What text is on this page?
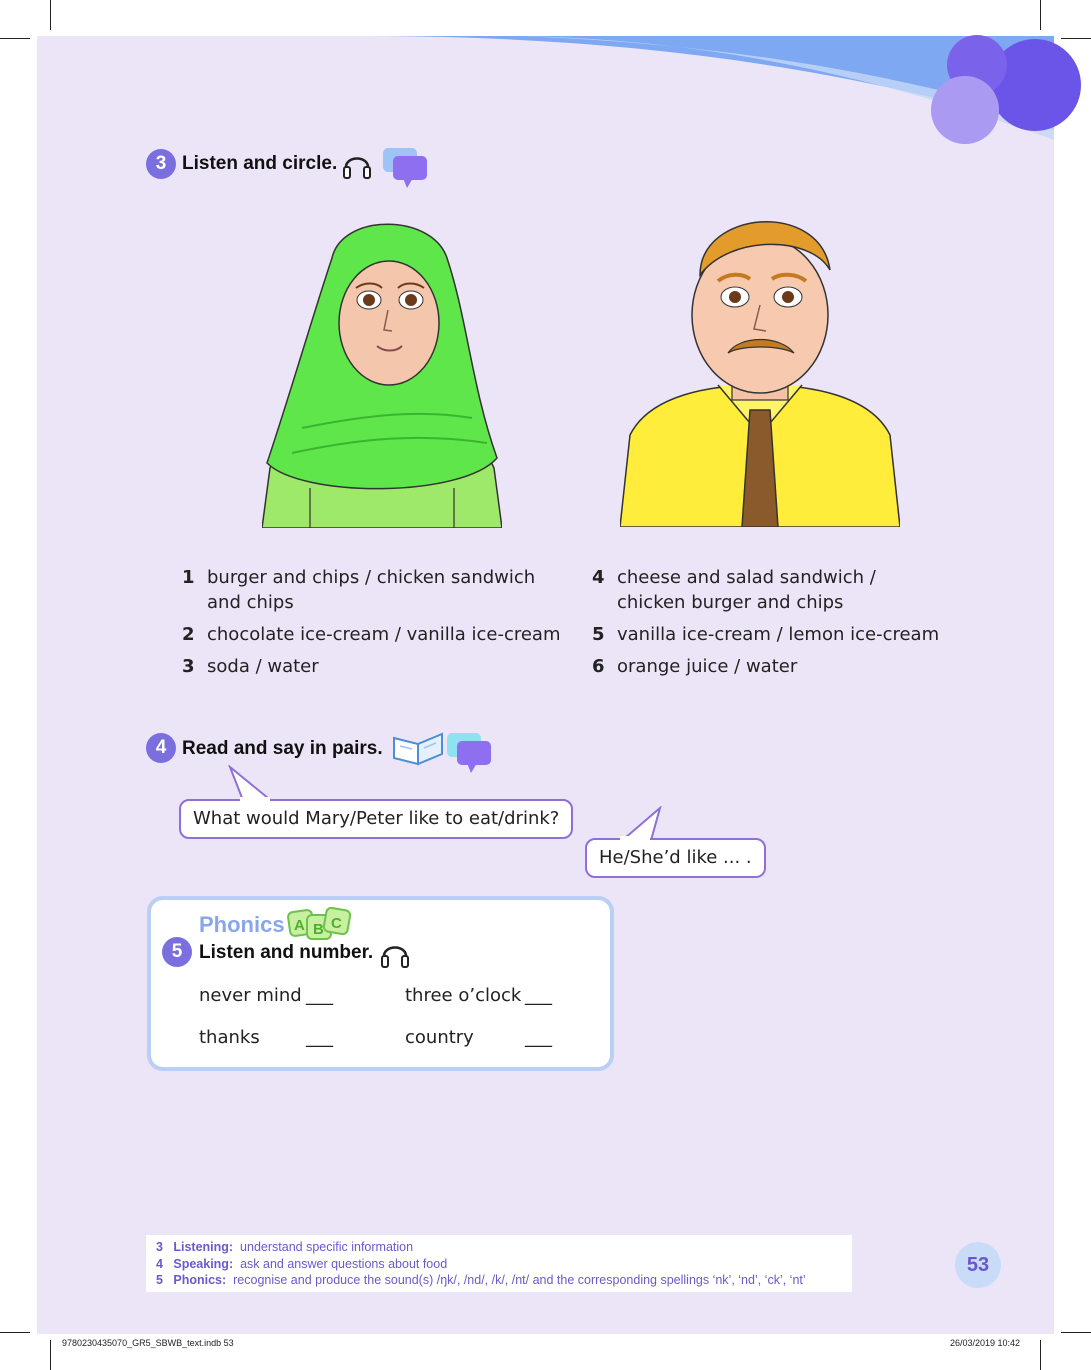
3 Listen and circle.
1 burger and chips / chicken sandwich
and chips
2 chocolate ice-cream / vanilla ice-cream
3 soda / water
4 cheese and salad sandwich /
chicken burger and chips
5 vanilla ice-cream / lemon ice-cream
6 orange juice / water
4 Read and say in pairs.
What would Mary/Peter like to eat/drink?
He/She’d like ... .
Phonics A B C
5 Listen and number.
never mind ___	three o’clock ___
thanks	___	country	___
3 Listening: understand specific information
4 Speaking: ask and answer questions about food
5 Phonics: recognise and produce the sound(s) /ŋk/, /nd/, /k/, /nt/ and the corresponding spellings ‘nk’, ‘nd’, ‘ck’, ‘nt’
53
9780230435070_GR5_SBWB_text.indb 53	26/03/2019 10:42
